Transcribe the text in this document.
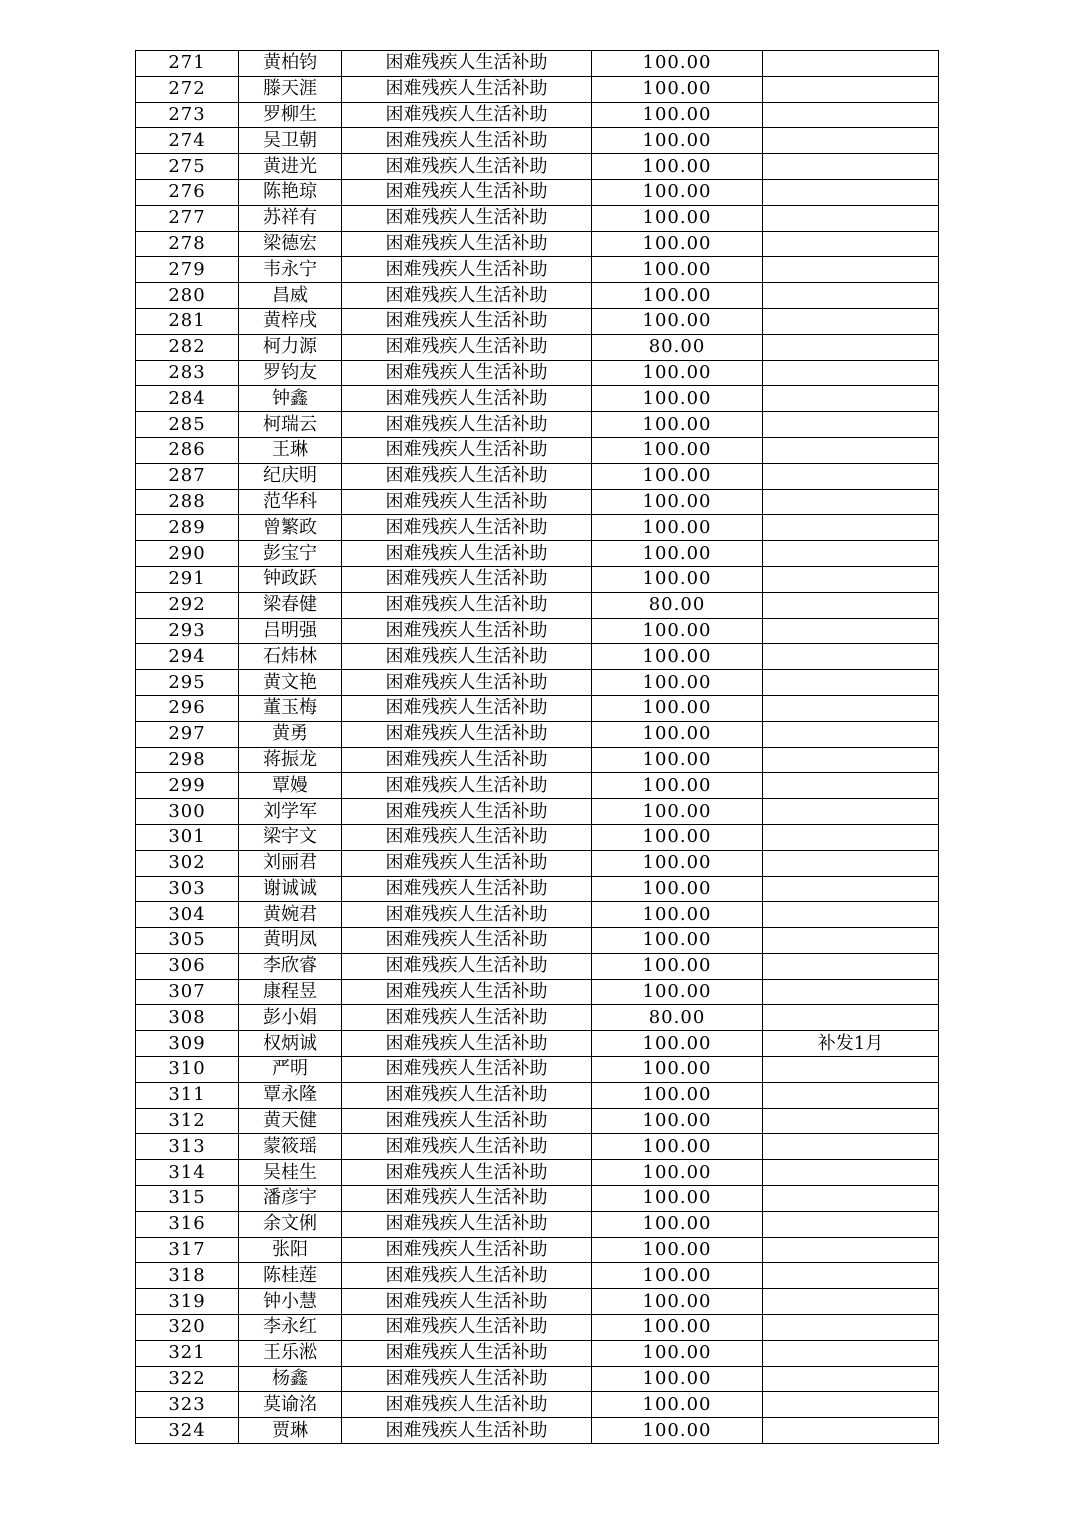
271	黄柏钧	困难残疾人生活补助	100.00	
272	滕天涯	困难残疾人生活补助	100.00	
273	罗柳生	困难残疾人生活补助	100.00	
274	吴卫朝	困难残疾人生活补助	100.00	
275	黄进光	困难残疾人生活补助	100.00	
276	陈艳琼	困难残疾人生活补助	100.00	
277	苏祥有	困难残疾人生活补助	100.00	
278	梁德宏	困难残疾人生活补助	100.00	
279	韦永宁	困难残疾人生活补助	100.00	
280	昌威	困难残疾人生活补助	100.00	
281	黄梓戌	困难残疾人生活补助	100.00	
282	柯力源	困难残疾人生活补助	80.00	
283	罗钧友	困难残疾人生活补助	100.00	
284	钟鑫	困难残疾人生活补助	100.00	
285	柯瑞云	困难残疾人生活补助	100.00	
286	王琳	困难残疾人生活补助	100.00	
287	纪庆明	困难残疾人生活补助	100.00	
288	范华科	困难残疾人生活补助	100.00	
289	曾繁政	困难残疾人生活补助	100.00	
290	彭宝宁	困难残疾人生活补助	100.00	
291	钟政跃	困难残疾人生活补助	100.00	
292	梁春健	困难残疾人生活补助	80.00	
293	吕明强	困难残疾人生活补助	100.00	
294	石炜林	困难残疾人生活补助	100.00	
295	黄文艳	困难残疾人生活补助	100.00	
296	董玉梅	困难残疾人生活补助	100.00	
297	黄勇	困难残疾人生活补助	100.00	
298	蒋振龙	困难残疾人生活补助	100.00	
299	覃嫚	困难残疾人生活补助	100.00	
300	刘学军	困难残疾人生活补助	100.00	
301	梁宇文	困难残疾人生活补助	100.00	
302	刘丽君	困难残疾人生活补助	100.00	
303	谢诚诚	困难残疾人生活补助	100.00	
304	黄婉君	困难残疾人生活补助	100.00	
305	黄明凤	困难残疾人生活补助	100.00	
306	李欣睿	困难残疾人生活补助	100.00	
307	康程昱	困难残疾人生活补助	100.00	
308	彭小娟	困难残疾人生活补助	80.00	
309	权炳诚	困难残疾人生活补助	100.00	补发1月
310	严明	困难残疾人生活补助	100.00	
311	覃永隆	困难残疾人生活补助	100.00	
312	黄天健	困难残疾人生活补助	100.00	
313	蒙筱瑶	困难残疾人生活补助	100.00	
314	吴桂生	困难残疾人生活补助	100.00	
315	潘彦宇	困难残疾人生活补助	100.00	
316	余文俐	困难残疾人生活补助	100.00	
317	张阳	困难残疾人生活补助	100.00	
318	陈桂莲	困难残疾人生活补助	100.00	
319	钟小慧	困难残疾人生活补助	100.00	
320	李永红	困难残疾人生活补助	100.00	
321	王乐淞	困难残疾人生活补助	100.00	
322	杨鑫	困难残疾人生活补助	100.00	
323	莫谕洺	困难残疾人生活补助	100.00	
324	贾琳	困难残疾人生活补助	100.00	
